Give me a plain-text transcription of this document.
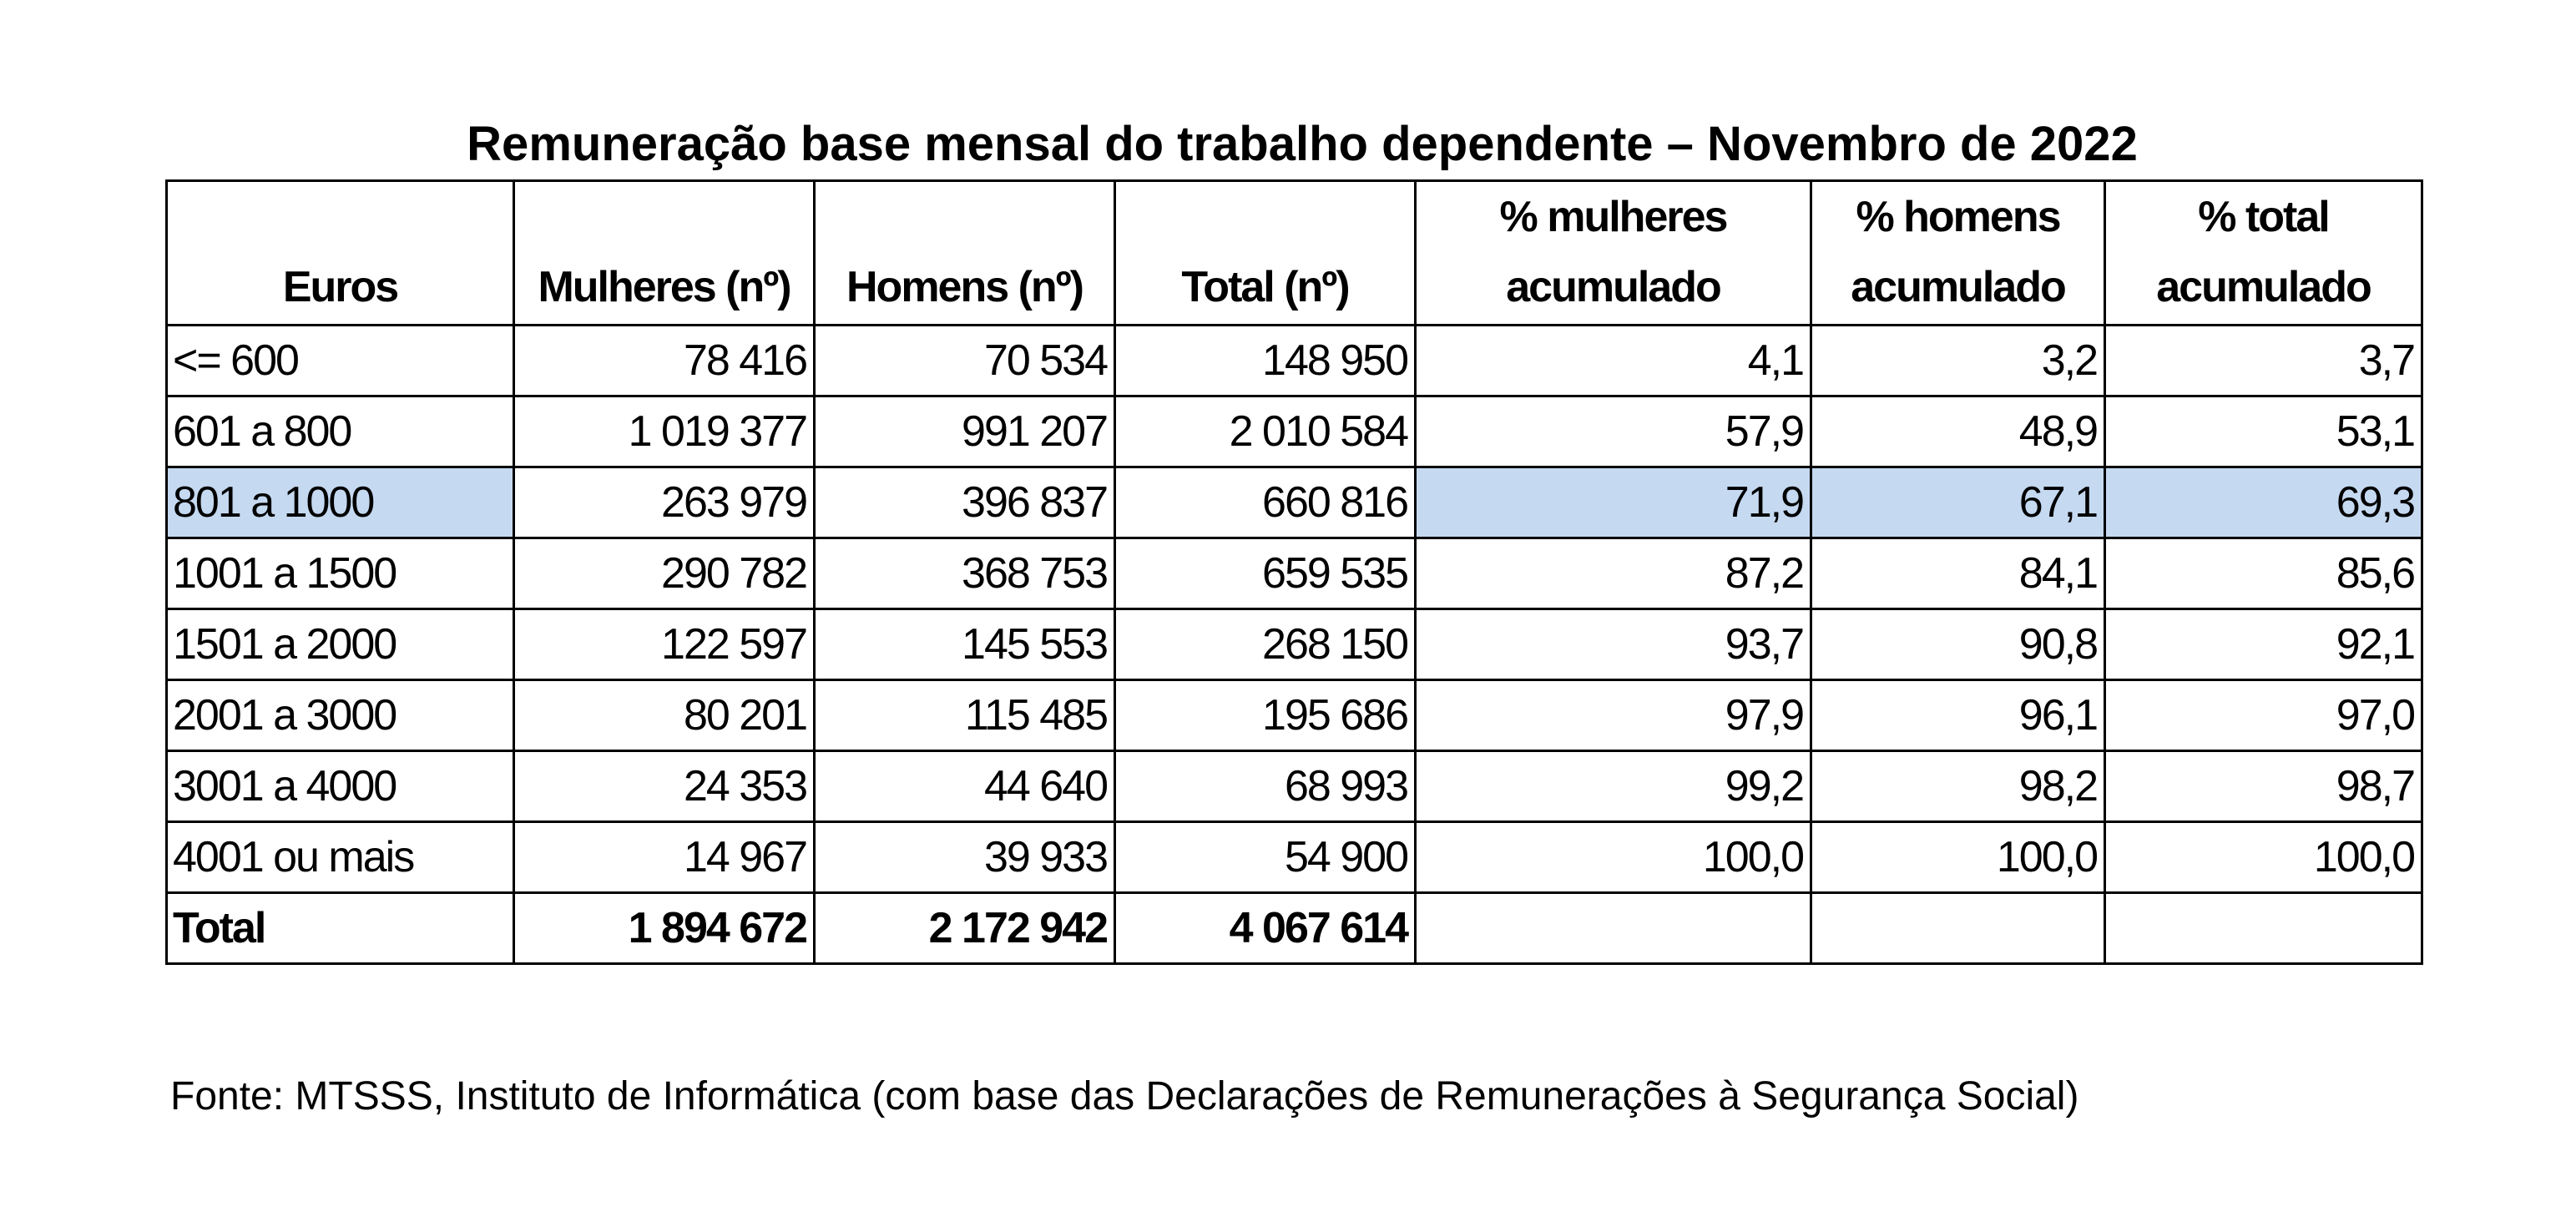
Remuneração base mensal do trabalho dependente – Novembro de 2022
Euros	Mulheres (nº)	Homens (nº)	Total (nº)	% mulheres acumulado	% homens acumulado	% total acumulado
<= 600	78 416	70 534	148 950	4,1	3,2	3,7
601 a 800	1 019 377	991 207	2 010 584	57,9	48,9	53,1
801 a 1000	263 979	396 837	660 816	71,9	67,1	69,3
1001 a 1500	290 782	368 753	659 535	87,2	84,1	85,6
1501 a 2000	122 597	145 553	268 150	93,7	90,8	92,1
2001 a 3000	80 201	115 485	195 686	97,9	96,1	97,0
3001 a 4000	24 353	44 640	68 993	99,2	98,2	98,7
4001 ou mais	14 967	39 933	54 900	100,0	100,0	100,0
Total	1 894 672	2 172 942	4 067 614			
Fonte: MTSSS, Instituto de Informática (com base das Declarações de Remunerações à Segurança Social)
